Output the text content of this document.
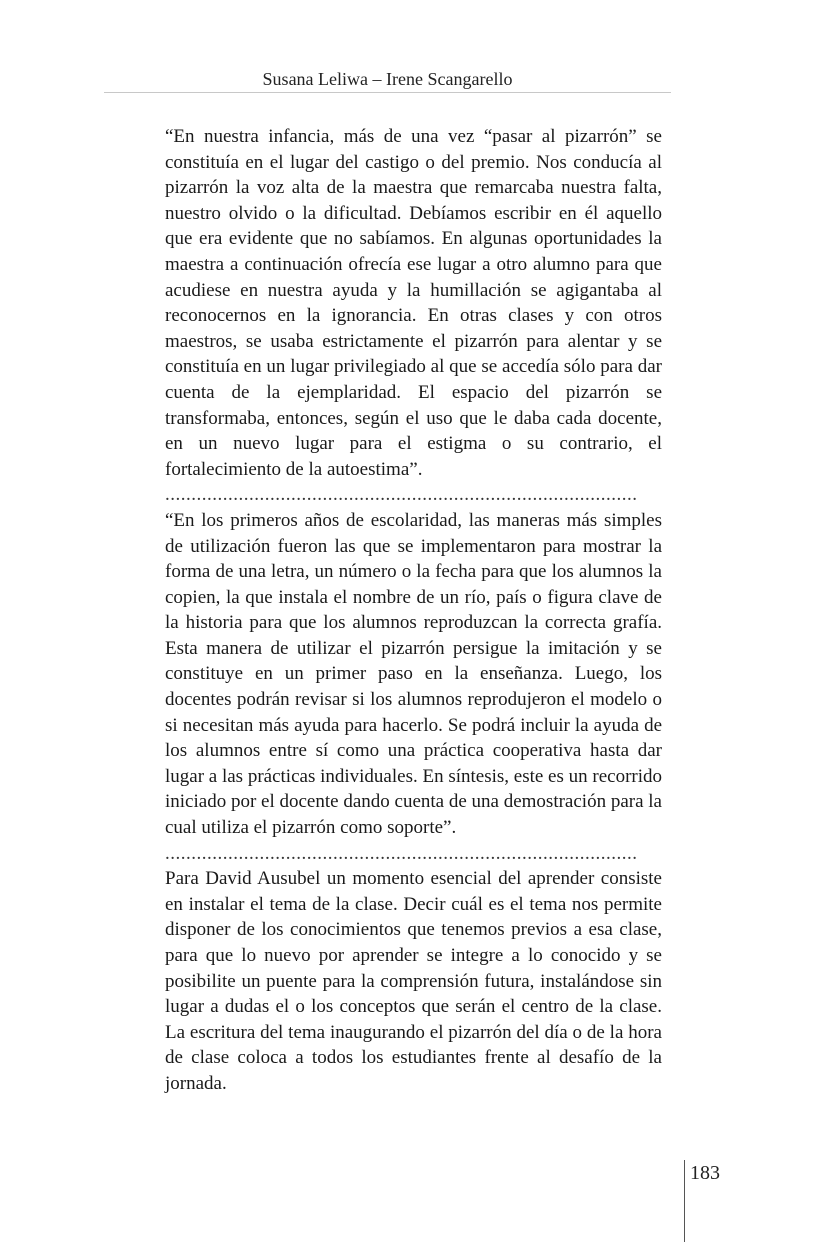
Susana Leliwa – Irene Scangarello

“En nuestra infancia, más de una vez “pasar al pizarrón” se constituía en el lugar del castigo o del premio. Nos conducía al pizarrón la voz alta de la maestra que remarcaba nuestra falta, nuestro olvido o la dificultad. Debíamos escribir en él aquello que era evidente que no sabíamos. En algunas oportunidades la maestra a continuación ofrecía ese lugar a otro alumno para que acudiese en nuestra ayuda y la humillación se agigantaba al reconocernos en la ignorancia. En otras clases y con otros maestros, se usaba estrictamente el pizarrón para alentar y se constituía en un lugar privilegiado al que se accedía sólo para dar cuenta de la ejemplaridad. El espacio del pizarrón se transformaba, entonces, según el uso que le daba cada docente, en un nuevo lugar para el estigma o su contrario, el fortalecimiento de la autoestima”.

..........................................................................................

“En los primeros años de escolaridad, las maneras más simples de utilización fueron las que se implementaron para mostrar la forma de una letra, un número o la fecha para que los alumnos la copien, la que instala el nombre de un río, país o figura clave de la historia para que los alumnos reproduzcan la correcta grafía. Esta manera de utilizar el pizarrón persigue la imitación y se constituye en un primer paso en la enseñanza. Luego, los docentes podrán revisar si los alumnos reprodujeron el modelo o si necesitan más ayuda para hacerlo. Se podrá incluir la ayuda de los alumnos entre sí como una práctica cooperativa hasta dar lugar a las prácticas individuales. En síntesis, este es un recorrido iniciado por el docente dando cuenta de una demostración para la cual utiliza el pizarrón como soporte”.

..........................................................................................

Para David Ausubel un momento esencial del aprender consiste en instalar el tema de la clase. Decir cuál es el tema nos permite disponer de los conocimientos que tenemos previos a esa clase, para que lo nuevo por aprender se integre a lo conocido y se posibilite un puente para la comprensión futura, instalándose sin lugar a dudas el o los conceptos que serán el centro de la clase. La escritura del tema inaugurando el pizarrón del día o de la hora de clase coloca a todos los estudiantes frente al desafío de la jornada.

183
